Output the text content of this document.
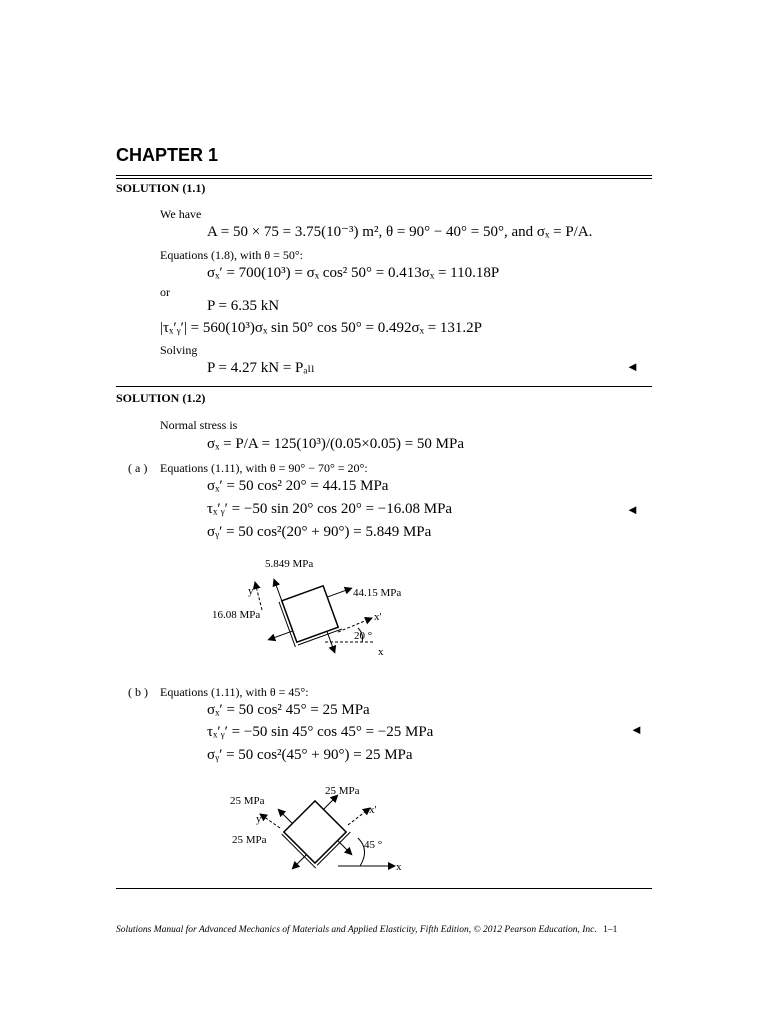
CHAPTER 1
SOLUTION (1.1)
We have
A = 50 × 75 = 3.75(10⁻³) m², θ = 90° − 40° = 50°, and σₓ = P/A.
Equations (1.8), with θ = 50°:
σₓ′ = 700(10³) = σₓ cos² 50° = 0.413σₓ = 110.18P
or
P = 6.35 kN
|τₓ′ᵧ′| = 560(10³)σₓ sin 50° cos 50° = 0.492σₓ = 131.2P
Solving
P = 4.27 kN = Pₐₗₗ	◄
SOLUTION (1.2)
Normal stress is
σₓ = P/A = 125(10³)/(0.05×0.05) = 50 MPa
( a ) Equations (1.11), with θ = 90° − 70° = 20°:
σₓ′ = 50 cos² 20° = 44.15 MPa
τₓ′ᵧ′ = −50 sin 20° cos 20° = −16.08 MPa	◄
σᵧ′ = 50 cos²(20° + 90°) = 5.849 MPa
5.849 MPa
y'	44.15 MPa
16.08 MPa	x'
20 °
x
( b ) Equations (1.11), with θ = 45°:
σₓ′ = 50 cos² 45° = 25 MPa
τₓ′ᵧ′ = −50 sin 45° cos 45° = −25 MPa	◄
σᵧ′ = 50 cos²(45° + 90°) = 25 MPa
25 MPa
25 MPa
x'
y'
25 MPa	45 °
x
Solutions Manual for Advanced Mechanics of Materials and Applied Elasticity, Fifth Edition, © 2012 Pearson Education, Inc. 1–1
